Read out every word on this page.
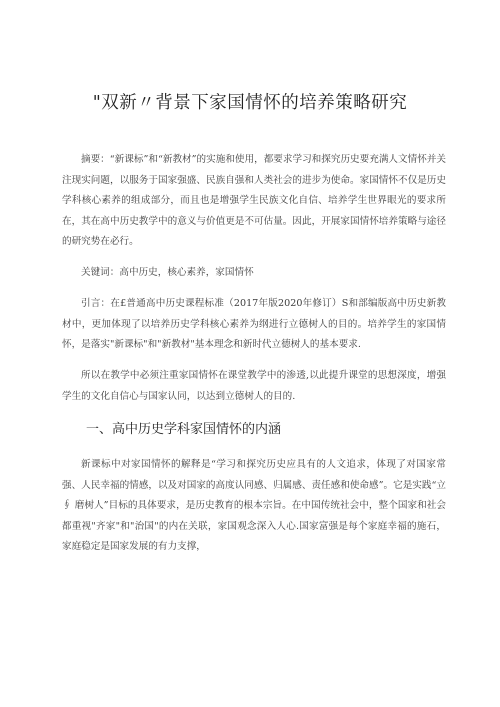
"双新〃背景下家国情怀的培养策略研究

摘要：“新课标”和“新教材”的实施和使用，都要求学习和探究历史要充满人文情怀并关注现实问题，以服务于国家强盛、民族自强和人类社会的进步为使命。家国情怀不仅是历史学科核心素养的组成部分，而且也是增强学生民族文化自信、培养学生世界眼光的要求所在，其在高中历史教学中的意义与价值更是不可估量。因此，开展家国情怀培养策略与途径的研究势在必行。

关键词：高中历史，核心素养，家国情怀

引言：在£普通高中历史课程标准（2017年版2020年修订）S和部编版高中历史新教材中，更加体现了以培养历史学科核心素养为纲进行立德树人的目的。培养学生的家国情怀，是落实"新课标"和"新教材"基本理念和新时代立德树人的基本要求.

所以在教学中必须注重家国情怀在课堂教学中的渗透,以此提升课堂的思想深度，增强学生的文化自信心与国家认同，以达到立德树人的目的.

一、高中历史学科家国情怀的内涵

新课标中对家国情怀的解释是“学习和探究历史应具有的人文追求，体现了对国家常强、人民幸福的情感，以及对国家的高度认同感、归属感、责任感和使命感”。它是实践“立 ∮ 磨树人”目标的具体要求，是历史教育的根本宗旨。在中国传统社会中，整个国家和社会都重视"齐家"和"治国"的内在关联，家国观念深入人心.国家富强是每个家庭幸福的施石，家庭稳定是国家发展的有力支撑，
